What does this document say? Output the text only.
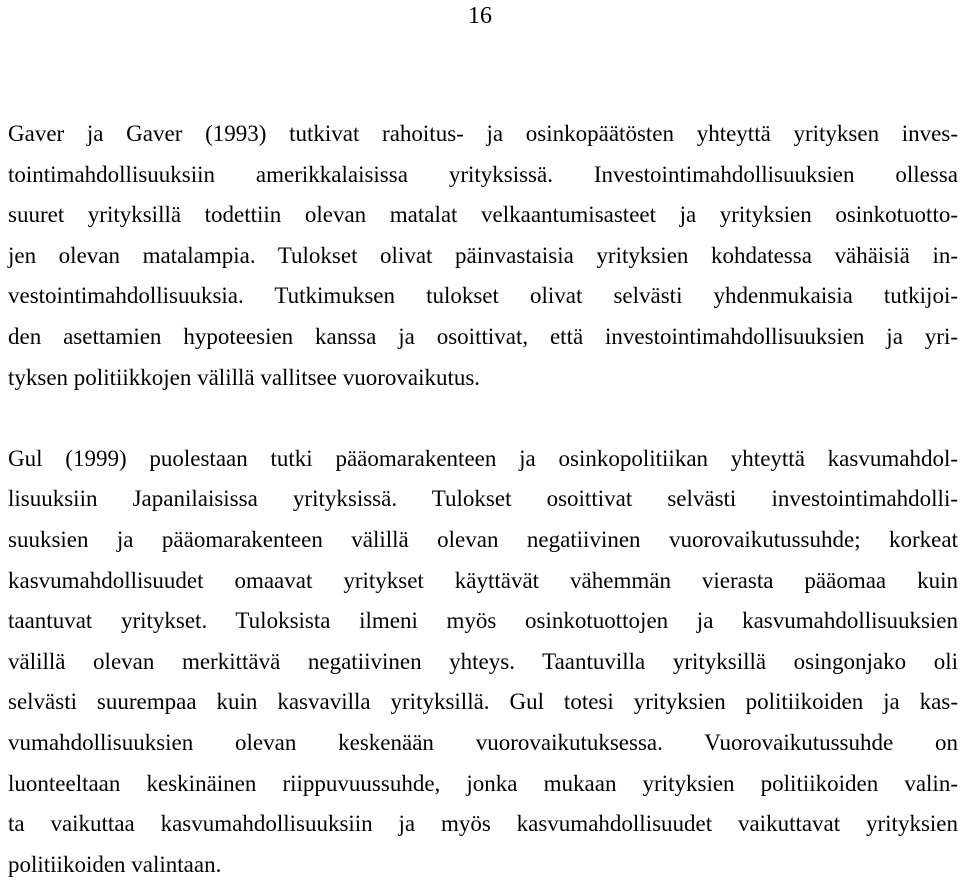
16
Gaver ja Gaver (1993) tutkivat rahoitus- ja osinkopäätösten yhteyttä yrityksen inves-
tointimahdollisuuksiin amerikkalaisissa yrityksissä. Investointimahdollisuuksien ollessa
suuret yrityksillä todettiin olevan matalat velkaantumisasteet ja yrityksien osinkotuotto-
jen olevan matalampia. Tulokset olivat päinvastaisia yrityksien kohdatessa vähäisiä in-
vestointimahdollisuuksia. Tutkimuksen tulokset olivat selvästi yhdenmukaisia tutkijoi-
den asettamien hypoteesien kanssa ja osoittivat, että investointimahdollisuuksien ja yri-
tyksen politiikkojen välillä vallitsee vuorovaikutus.
Gul (1999) puolestaan tutki pääomarakenteen ja osinkopolitiikan yhteyttä kasvumahdol-
lisuuksiin Japanilaisissa yrityksissä. Tulokset osoittivat selvästi investointimahdolli-
suuksien ja pääomarakenteen välillä olevan negatiivinen vuorovaikutussuhde; korkeat
kasvumahdollisuudet omaavat yritykset käyttävät vähemmän vierasta pääomaa kuin
taantuvat yritykset. Tuloksista ilmeni myös osinkotuottojen ja kasvumahdollisuuksien
välillä olevan merkittävä negatiivinen yhteys. Taantuvilla yrityksillä osingonjako oli
selvästi suurempaa kuin kasvavilla yrityksillä. Gul totesi yrityksien politiikoiden ja kas-
vumahdollisuuksien olevan keskenään vuorovaikutuksessa. Vuorovaikutussuhde on
luonteeltaan keskinäinen riippuvuussuhde, jonka mukaan yrityksien politiikoiden valin-
ta vaikuttaa kasvumahdollisuuksiin ja myös kasvumahdollisuudet vaikuttavat yrityksien
politiikoiden valintaan.
